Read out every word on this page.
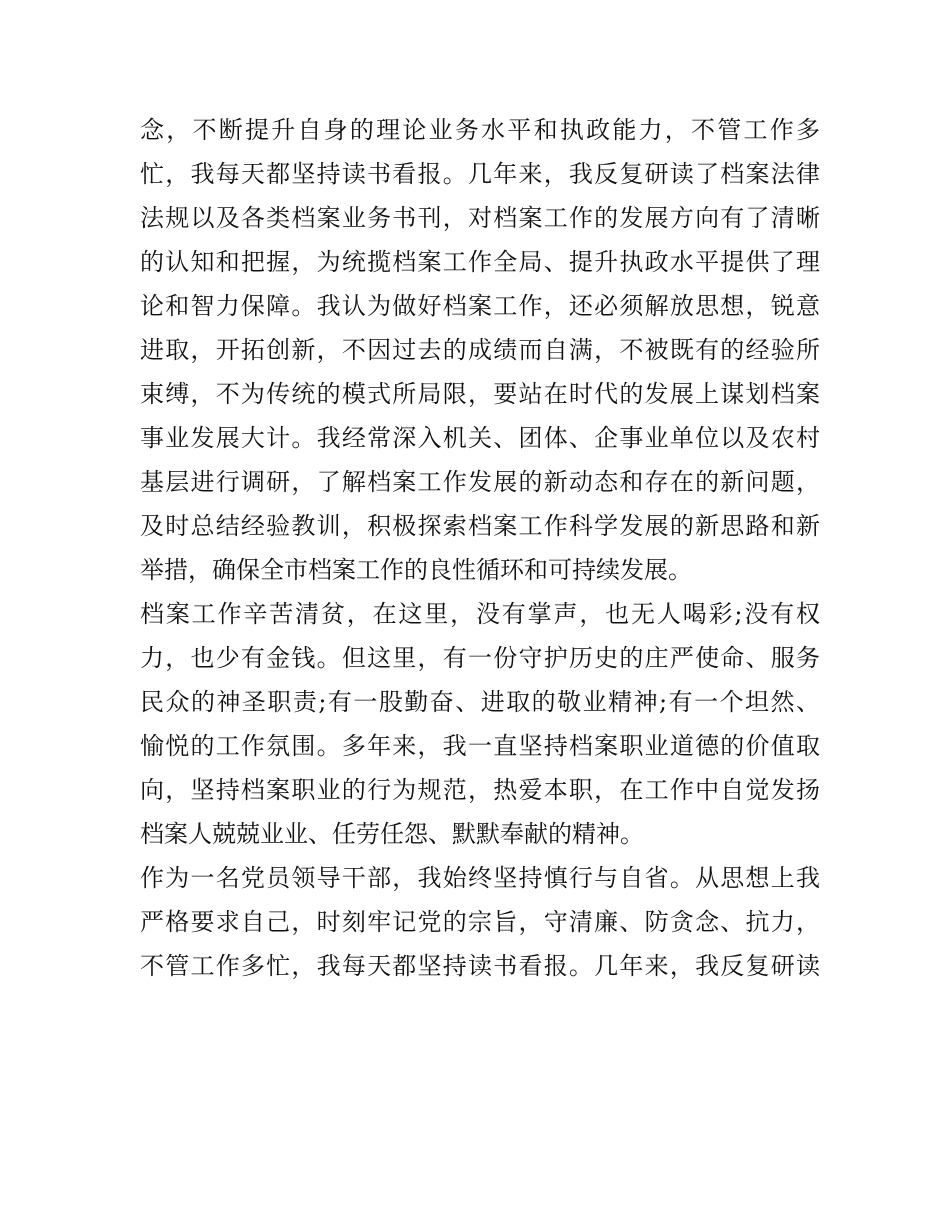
念，不断提升自身的理论业务水平和执政能力，不管工作多
忙，我每天都坚持读书看报。几年来，我反复研读了档案法律
法规以及各类档案业务书刊，对档案工作的发展方向有了清晰
的认知和把握，为统揽档案工作全局、提升执政水平提供了理
论和智力保障。我认为做好档案工作，还必须解放思想，锐意
进取，开拓创新，不因过去的成绩而自满，不被既有的经验所
束缚，不为传统的模式所局限，要站在时代的发展上谋划档案
事业发展大计。我经常深入机关、团体、企事业单位以及农村
基层进行调研，了解档案工作发展的新动态和存在的新问题，
及时总结经验教训，积极探索档案工作科学发展的新思路和新
举措，确保全市档案工作的良性循环和可持续发展。
档案工作辛苦清贫，在这里，没有掌声，也无人喝彩;没有权
力，也少有金钱。但这里，有一份守护历史的庄严使命、服务
民众的神圣职责;有一股勤奋、进取的敬业精神;有一个坦然、
愉悦的工作氛围。多年来，我一直坚持档案职业道德的价值取
向，坚持档案职业的行为规范，热爱本职，在工作中自觉发扬
档案人兢兢业业、任劳任怨、默默奉献的精神。
作为一名党员领导干部，我始终坚持慎行与自省。从思想上我
严格要求自己，时刻牢记党的宗旨，守清廉、防贪念、抗力，
不管工作多忙，我每天都坚持读书看报。几年来，我反复研读
